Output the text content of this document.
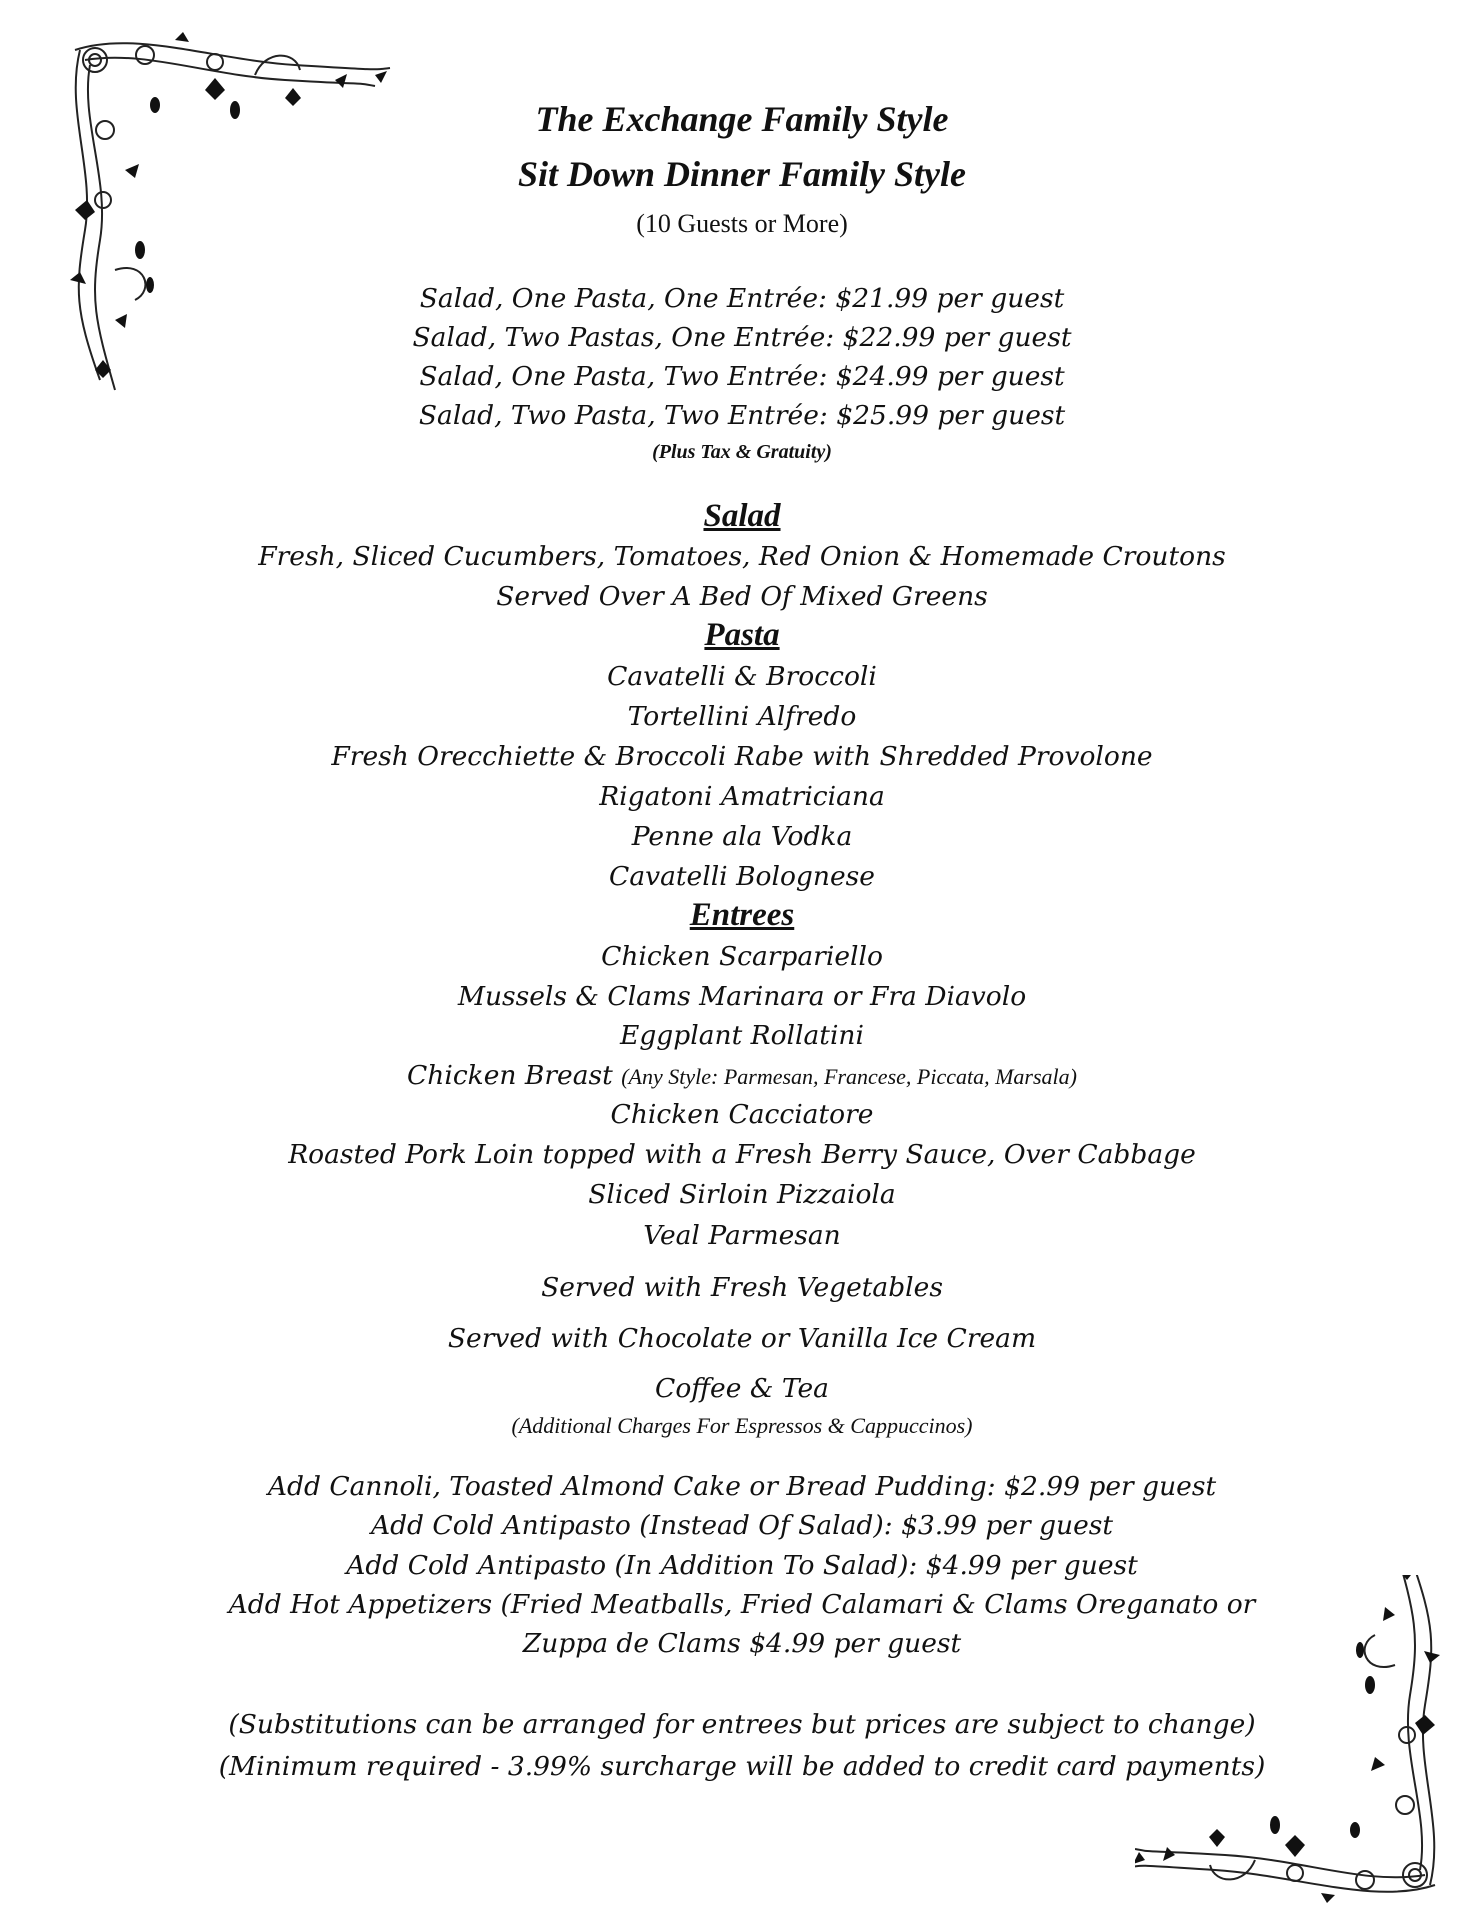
The Exchange Family Style
Sit Down Dinner Family Style
(10 Guests or More)
Salad, One Pasta, One Entrée: $21.99 per guest
Salad, Two Pastas, One Entrée: $22.99 per guest
Salad, One Pasta, Two Entrée: $24.99 per guest
Salad, Two Pasta, Two Entrée: $25.99 per guest
(Plus Tax & Gratuity)
Salad
Fresh, Sliced Cucumbers, Tomatoes, Red Onion & Homemade Croutons
Served Over A Bed Of Mixed Greens
Pasta
Cavatelli & Broccoli
Tortellini Alfredo
Fresh Orecchiette & Broccoli Rabe with Shredded Provolone
Rigatoni Amatriciana
Penne ala Vodka
Cavatelli Bolognese
Entrees
Chicken Scarpariello
Mussels & Clams Marinara or Fra Diavolo
Eggplant Rollatini
Chicken Breast (Any Style: Parmesan, Francese, Piccata, Marsala)
Chicken Cacciatore
Roasted Pork Loin topped with a Fresh Berry Sauce, Over Cabbage
Sliced Sirloin Pizzaiola
Veal Parmesan
Served with Fresh Vegetables
Served with Chocolate or Vanilla Ice Cream
Coffee & Tea
(Additional Charges For Espressos & Cappuccinos)
Add Cannoli, Toasted Almond Cake or Bread Pudding: $2.99 per guest
Add Cold Antipasto (Instead Of Salad): $3.99 per guest
Add Cold Antipasto (In Addition To Salad): $4.99 per guest
Add Hot Appetizers (Fried Meatballs, Fried Calamari & Clams Oreganato or
Zuppa de Clams $4.99 per guest
(Substitutions can be arranged for entrees but prices are subject to change)
(Minimum required - 3.99% surcharge will be added to credit card payments)
